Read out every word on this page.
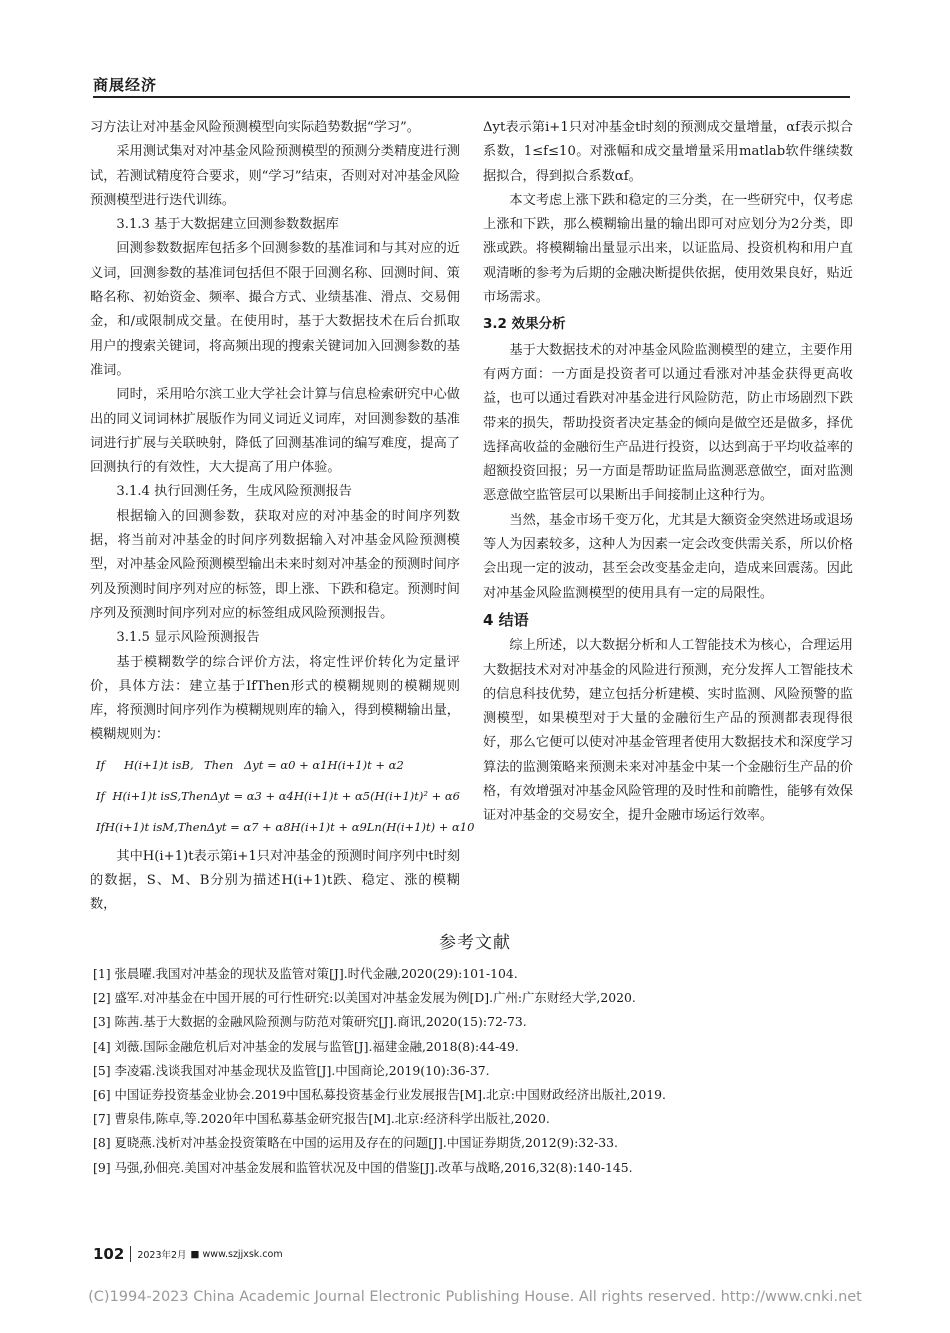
商展经济

习方法让对冲基金风险预测模型向实际趋势数据“学习”。

采用测试集对对冲基金风险预测模型的预测分类精度进行测试，若测试精度符合要求，则“学习”结束，否则对对冲基金风险预测模型进行迭代训练。

3.1.3 基于大数据建立回测参数数据库

回测参数数据库包括多个回测参数的基准词和与其对应的近义词，回测参数的基准词包括但不限于回测名称、回测时间、策略名称、初始资金、频率、撮合方式、业绩基准、滑点、交易佣金，和/或限制成交量。在使用时，基于大数据技术在后台抓取用户的搜索关键词，将高频出现的搜索关键词加入回测参数的基准词。

同时，采用哈尔滨工业大学社会计算与信息检索研究中心做出的同义词词林扩展版作为同义词近义词库，对回测参数的基准词进行扩展与关联映射，降低了回测基准词的编写难度，提高了回测执行的有效性，大大提高了用户体验。

3.1.4 执行回测任务，生成风险预测报告

根据输入的回测参数，获取对应的对冲基金的时间序列数据，将当前对冲基金的时间序列数据输入对冲基金风险预测模型，对冲基金风险预测模型输出未来时刻对冲基金的预测时间序列及预测时间序列对应的标签，即上涨、下跌和稳定。预测时间序列及预测时间序列对应的标签组成风险预测报告。

3.1.5 显示风险预测报告

基于模糊数学的综合评价方法，将定性评价转化为定量评价，具体方法：建立基于IfThen形式的模糊规则的模糊规则库，将预测时间序列作为模糊规则库的输入，得到模糊输出量，模糊规则为：

If	H(i+1)t isB, Then Δyt = α0 + α1H(i+1)t + α2
If H(i+1)t isS, Then Δyt = α3 + α4H(i+1)t + α5(H(i+1)t)² + α6
If H(i+1)t isM, Then Δyt = α7 + α8H(i+1)t + α9Ln(H(i+1)t) + α10

其中H(i+1)t表示第i+1只对冲基金的预测时间序列中t时刻的数据，S、M、B分别为描述H(i+1)t跌、稳定、涨的模糊数，

Δyt表示第i+1只对冲基金t时刻的预测成交量增量，αf表示拟合系数，1≤f≤10。对涨幅和成交量增量采用matlab软件继续数据拟合，得到拟合系数αf。

本文考虑上涨下跌和稳定的三分类，在一些研究中，仅考虑上涨和下跌，那么模糊输出量的输出即可对应划分为2分类，即涨或跌。将模糊输出量显示出来，以证监局、投资机构和用户直观清晰的参考为后期的金融决断提供依据，使用效果良好，贴近市场需求。

3.2 效果分析

基于大数据技术的对冲基金风险监测模型的建立，主要作用有两方面：一方面是投资者可以通过看涨对冲基金获得更高收益，也可以通过看跌对冲基金进行风险防范，防止市场剧烈下跌带来的损失，帮助投资者决定基金的倾向是做空还是做多，择优选择高收益的金融衍生产品进行投资，以达到高于平均收益率的超额投资回报；另一方面是帮助证监局监测恶意做空，面对监测恶意做空监管层可以果断出手间接制止这种行为。

当然，基金市场千变万化，尤其是大额资金突然进场或退场等人为因素较多，这种人为因素一定会改变供需关系，所以价格会出现一定的波动，甚至会改变基金走向，造成来回震荡。因此对冲基金风险监测模型的使用具有一定的局限性。

4 结语

综上所述，以大数据分析和人工智能技术为核心，合理运用大数据技术对对冲基金的风险进行预测，充分发挥人工智能技术的信息科技优势，建立包括分析建模、实时监测、风险预警的监测模型，如果模型对于大量的金融衍生产品的预测都表现得很好，那么它便可以使对冲基金管理者使用大数据技术和深度学习算法的监测策略来预测未来对冲基金中某一个金融衍生产品的价格，有效增强对冲基金风险管理的及时性和前瞻性，能够有效保证对冲基金的交易安全，提升金融市场运行效率。

参考文献
[1] 张晨曜.我国对冲基金的现状及监管对策[J].时代金融,2020(29):101-104.
[2] 盛军.对冲基金在中国开展的可行性研究:以美国对冲基金发展为例[D].广州:广东财经大学,2020.
[3] 陈茜.基于大数据的金融风险预测与防范对策研究[J].商讯,2020(15):72-73.
[4] 刘薇.国际金融危机后对冲基金的发展与监管[J].福建金融,2018(8):44-49.
[5] 李凌霜.浅谈我国对冲基金现状及监管[J].中国商论,2019(10):36-37.
[6] 中国证券投资基金业协会.2019中国私募投资基金行业发展报告[M].北京:中国财政经济出版社,2019.
[7] 曹泉伟,陈卓,等.2020年中国私募基金研究报告[M].北京:经济科学出版社,2020.
[8] 夏晓燕.浅析对冲基金投资策略在中国的运用及存在的问题[J].中国证券期货,2012(9):32-33.
[9] 马强,孙佃亮.美国对冲基金发展和监管状况及中国的借鉴[J].改革与战略,2016,32(8):140-145.
102 2023年2月 ■ www.szjjxsk.com
(C)1994-2023 China Academic Journal Electronic Publishing House. All rights reserved. http://www.cnki.net
